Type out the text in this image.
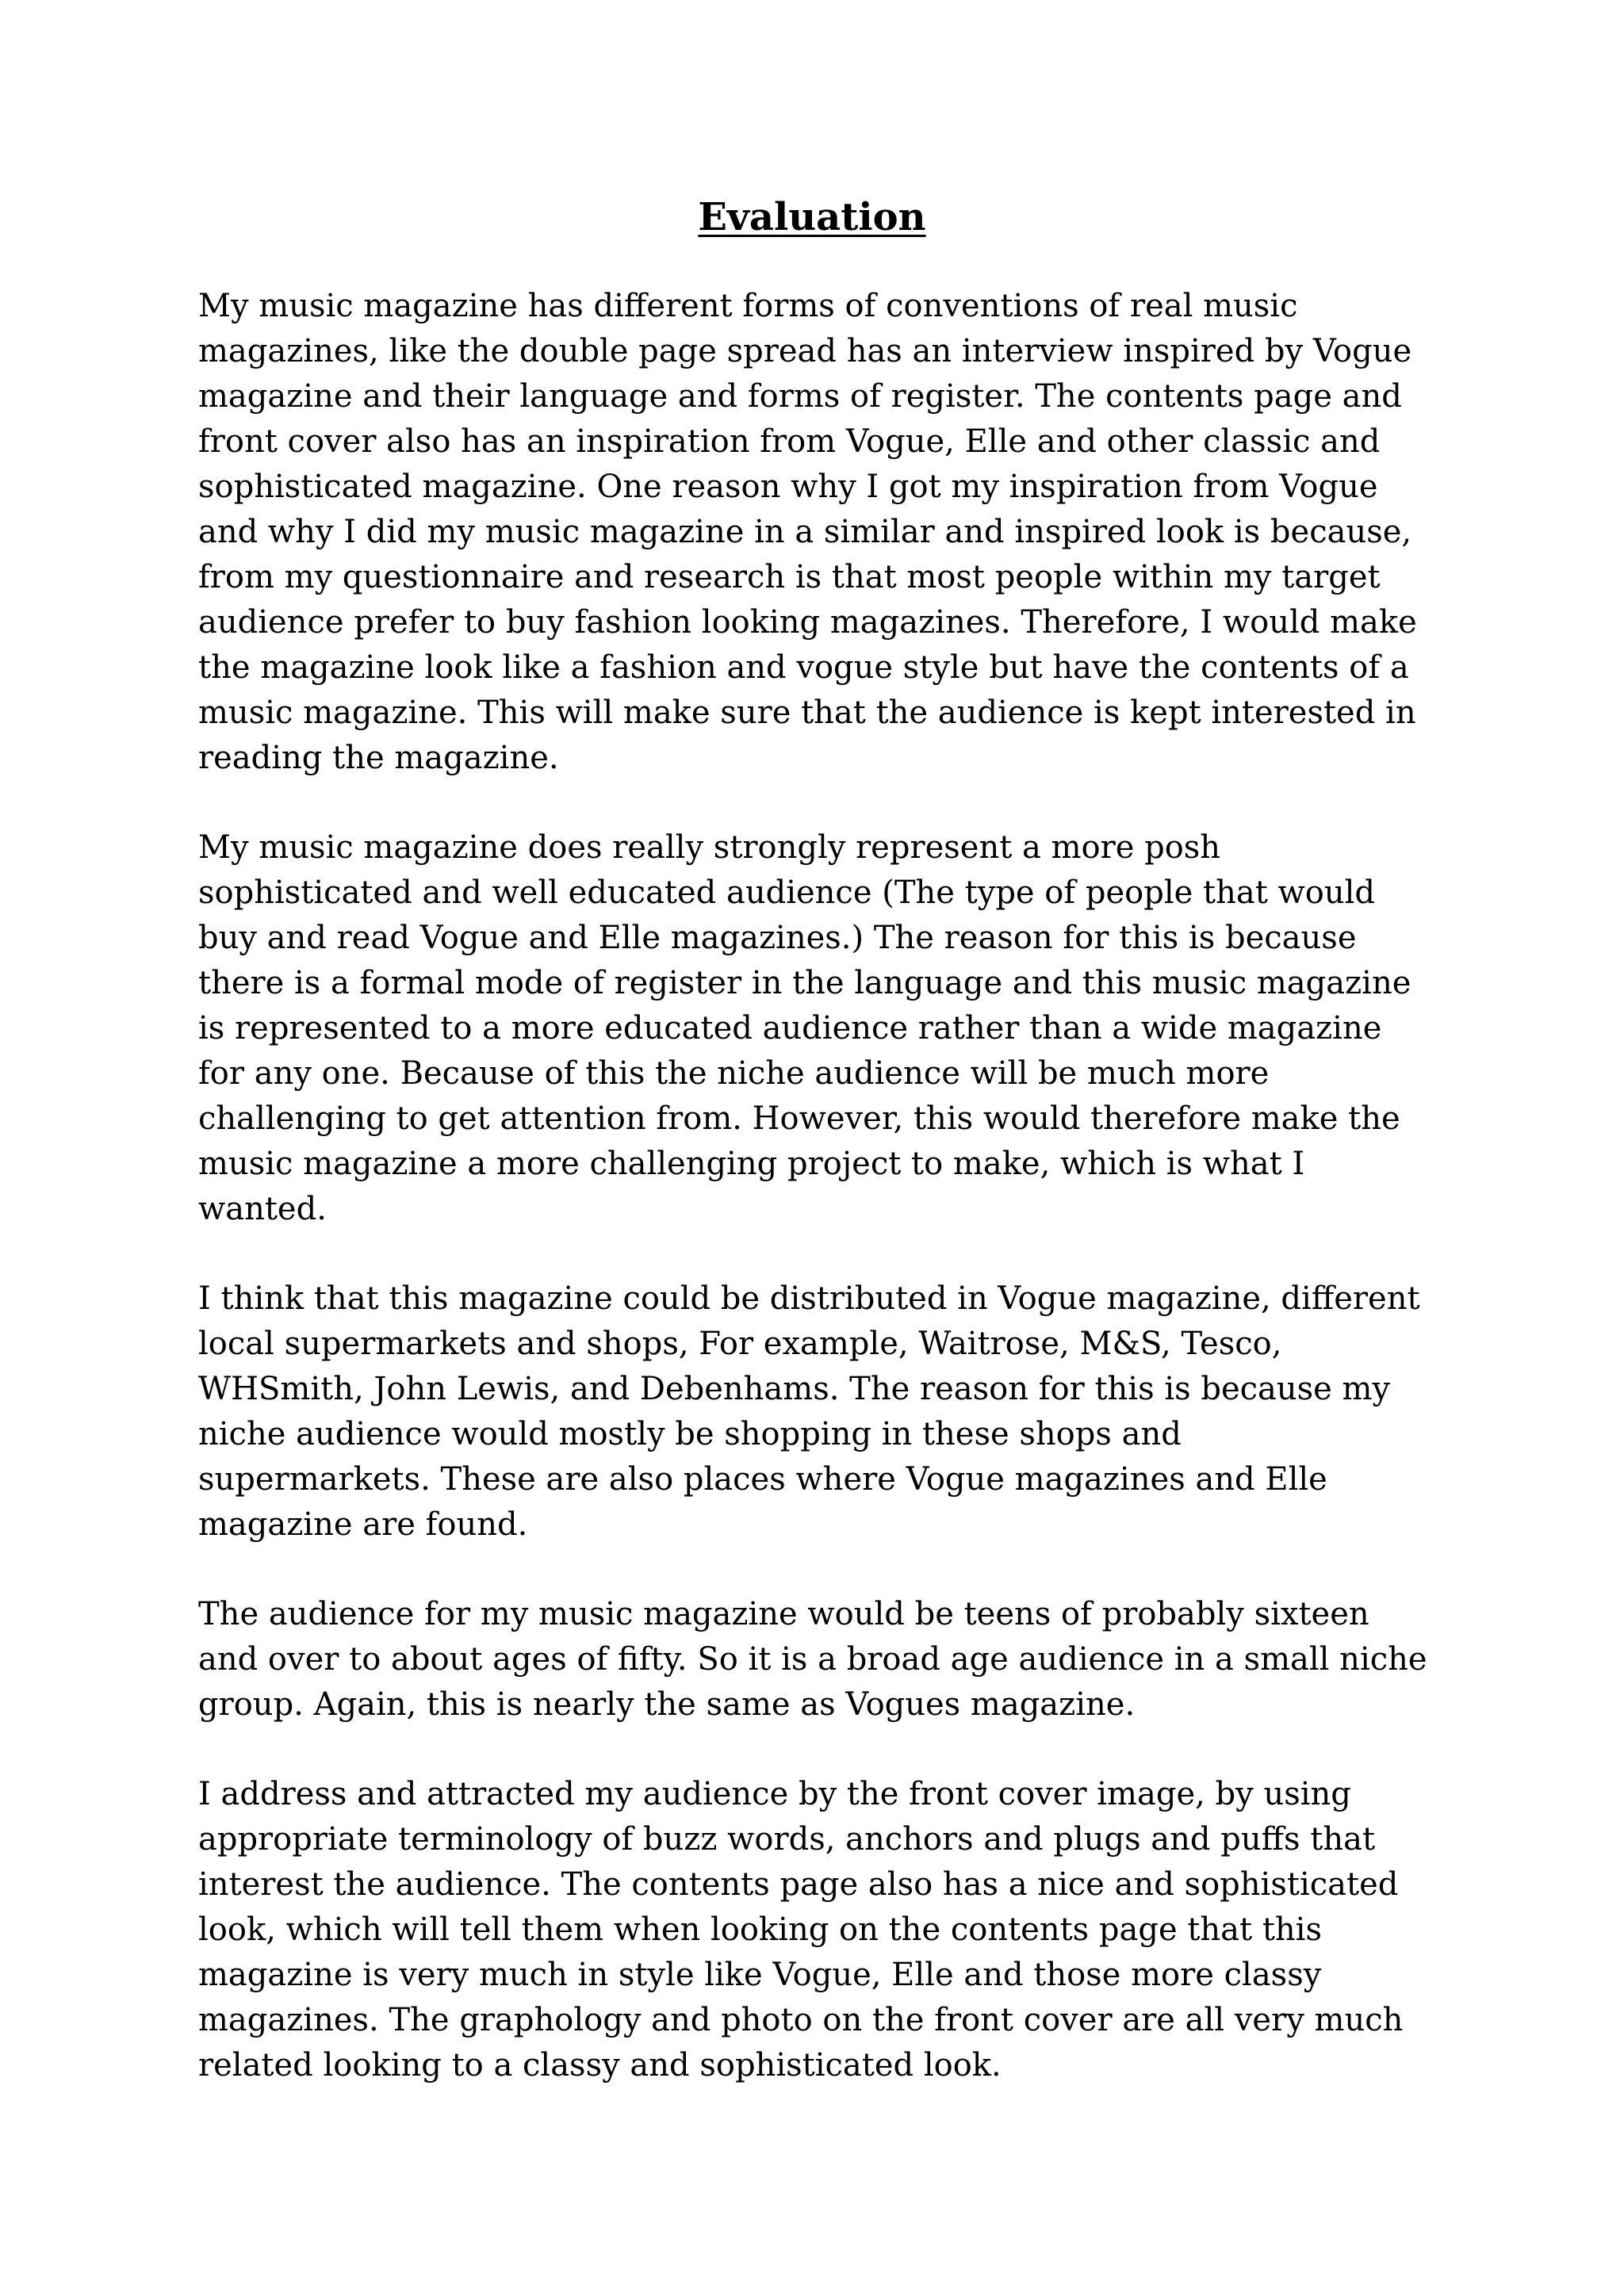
Evaluation
My music magazine has different forms of conventions of real music
magazines, like the double page spread has an interview inspired by Vogue
magazine and their language and forms of register. The contents page and
front cover also has an inspiration from Vogue, Elle and other classic and
sophisticated magazine. One reason why I got my inspiration from Vogue
and why I did my music magazine in a similar and inspired look is because,
from my questionnaire and research is that most people within my target
audience prefer to buy fashion looking magazines. Therefore, I would make
the magazine look like a fashion and vogue style but have the contents of a
music magazine. This will make sure that the audience is kept interested in
reading the magazine.
My music magazine does really strongly represent a more posh
sophisticated and well educated audience (The type of people that would
buy and read Vogue and Elle magazines.) The reason for this is because
there is a formal mode of register in the language and this music magazine
is represented to a more educated audience rather than a wide magazine
for any one. Because of this the niche audience will be much more
challenging to get attention from. However, this would therefore make the
music magazine a more challenging project to make, which is what I
wanted.
I think that this magazine could be distributed in Vogue magazine, different
local supermarkets and shops, For example, Waitrose, M&S, Tesco,
WHSmith, John Lewis, and Debenhams. The reason for this is because my
niche audience would mostly be shopping in these shops and
supermarkets. These are also places where Vogue magazines and Elle
magazine are found.
The audience for my music magazine would be teens of probably sixteen
and over to about ages of fifty. So it is a broad age audience in a small niche
group. Again, this is nearly the same as Vogues magazine.
I address and attracted my audience by the front cover image, by using
appropriate terminology of buzz words, anchors and plugs and puffs that
interest the audience. The contents page also has a nice and sophisticated
look, which will tell them when looking on the contents page that this
magazine is very much in style like Vogue, Elle and those more classy
magazines. The graphology and photo on the front cover are all very much
related looking to a classy and sophisticated look.
